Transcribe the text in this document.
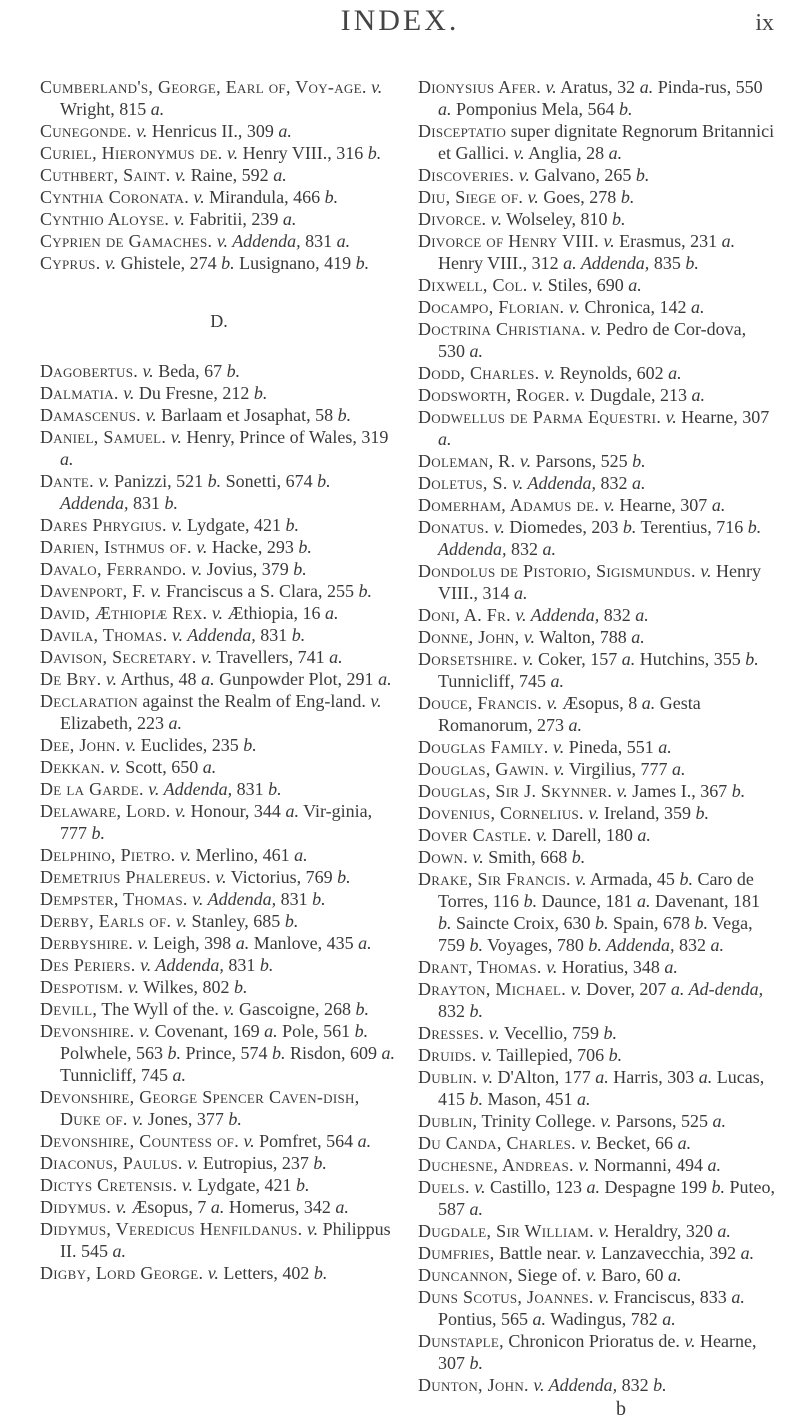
INDEX.	ix
Cumberland's, George, Earl of, Voy-age. v. Wright, 815 a.
Cunegonde. v. Henricus II., 309 a.
Curiel, Hieronymus de. v. Henry VIII., 316 b.
Cuthbert, Saint. v. Raine, 592 a.
Cynthia Coronata. v. Mirandula, 466 b.
Cynthio Aloyse. v. Fabritii, 239 a.
Cyprien de Gamaches. v. Addenda, 831 a.
Cyprus. v. Ghistele, 274 b. Lusignano, 419 b.
D.
Dagobertus. v. Beda, 67 b.
Dalmatia. v. Du Fresne, 212 b.
Damascenus. v. Barlaam et Josaphat, 58 b.
Daniel, Samuel. v. Henry, Prince of Wales, 319 a.
Dante. v. Panizzi, 521 b. Sonetti, 674 b. Addenda, 831 b.
Dares Phrygius. v. Lydgate, 421 b.
Darien, Isthmus of. v. Hacke, 293 b.
Davalo, Ferrando. v. Jovius, 379 b.
Davenport, F. v. Franciscus a S. Clara, 255 b.
David, Æthiopiæ Rex. v. Æthiopia, 16 a.
Davila, Thomas. v. Addenda, 831 b.
Davison, Secretary. v. Travellers, 741 a.
De Bry. v. Arthus, 48 a. Gunpowder Plot, 291 a.
Declaration against the Realm of Eng-land. v. Elizabeth, 223 a.
Dee, John. v. Euclides, 235 b.
Dekkan. v. Scott, 650 a.
De la Garde. v. Addenda, 831 b.
Delaware, Lord. v. Honour, 344 a. Vir-ginia, 777 b.
Delphino, Pietro. v. Merlino, 461 a.
Demetrius Phalereus. v. Victorius, 769 b.
Dempster, Thomas. v. Addenda, 831 b.
Derby, Earls of. v. Stanley, 685 b.
Derbyshire. v. Leigh, 398 a. Manlove, 435 a.
Des Periers. v. Addenda, 831 b.
Despotism. v. Wilkes, 802 b.
Devill, The Wyll of the. v. Gascoigne, 268 b.
Devonshire. v. Covenant, 169 a. Pole, 561 b. Polwhele, 563 b. Prince, 574 b. Risdon, 609 a. Tunnicliff, 745 a.
Devonshire, George Spencer Caven-dish, Duke of. v. Jones, 377 b.
Devonshire, Countess of. v. Pomfret, 564 a.
Diaconus, Paulus. v. Eutropius, 237 b.
Dictys Cretensis. v. Lydgate, 421 b.
Didymus. v. Æsopus, 7 a. Homerus, 342 a.
Didymus, Veredicus Henfildanus. v. Philippus II. 545 a.
Digby, Lord George. v. Letters, 402 b.
Dionysius Afer. v. Aratus, 32 a. Pinda-rus, 550 a. Pomponius Mela, 564 b.
Disceptatio super dignitate Regnorum Britannici et Gallici. v. Anglia, 28 a.
Discoveries. v. Galvano, 265 b.
Diu, Siege of. v. Goes, 278 b.
Divorce. v. Wolseley, 810 b.
Divorce of Henry VIII. v. Erasmus, 231 a. Henry VIII., 312 a. Addenda, 835 b.
Dixwell, Col. v. Stiles, 690 a.
Docampo, Florian. v. Chronica, 142 a.
Doctrina Christiana. v. Pedro de Cor-dova, 530 a.
Dodd, Charles. v. Reynolds, 602 a.
Dodsworth, Roger. v. Dugdale, 213 a.
Dodwellus de Parma Equestri. v. Hearne, 307 a.
Doleman, R. v. Parsons, 525 b.
Doletus, S. v. Addenda, 832 a.
Domerham, Adamus de. v. Hearne, 307 a.
Donatus. v. Diomedes, 203 b. Terentius, 716 b. Addenda, 832 a.
Dondolus de Pistorio, Sigismundus. v. Henry VIII., 314 a.
Doni, A. Fr. v. Addenda, 832 a.
Donne, John, v. Walton, 788 a.
Dorsetshire. v. Coker, 157 a. Hutchins, 355 b. Tunnicliff, 745 a.
Douce, Francis. v. Æsopus, 8 a. Gesta Romanorum, 273 a.
Douglas Family. v. Pineda, 551 a.
Douglas, Gawin. v. Virgilius, 777 a.
Douglas, Sir J. Skynner. v. James I., 367 b.
Dovenius, Cornelius. v. Ireland, 359 b.
Dover Castle. v. Darell, 180 a.
Down. v. Smith, 668 b.
Drake, Sir Francis. v. Armada, 45 b. Caro de Torres, 116 b. Daunce, 181 a. Davenant, 181 b. Saincte Croix, 630 b. Spain, 678 b. Vega, 759 b. Voyages, 780 b. Addenda, 832 a.
Drant, Thomas. v. Horatius, 348 a.
Drayton, Michael. v. Dover, 207 a. Ad-denda, 832 b.
Dresses. v. Vecellio, 759 b.
Druids. v. Taillepied, 706 b.
Dublin. v. D'Alton, 177 a. Harris, 303 a. Lucas, 415 b. Mason, 451 a.
Dublin, Trinity College. v. Parsons, 525 a.
Du Canda, Charles. v. Becket, 66 a.
Duchesne, Andreas. v. Normanni, 494 a.
Duels. v. Castillo, 123 a. Despagne 199 b. Puteo, 587 a.
Dugdale, Sir William. v. Heraldry, 320 a.
Dumfries, Battle near. v. Lanzavecchia, 392 a.
Duncannon, Siege of. v. Baro, 60 a.
Duns Scotus, Joannes. v. Franciscus, 833 a. Pontius, 565 a. Wadingus, 782 a.
Dunstaple, Chronicon Prioratus de. v. Hearne, 307 b.
Dunton, John. v. Addenda, 832 b.
b
